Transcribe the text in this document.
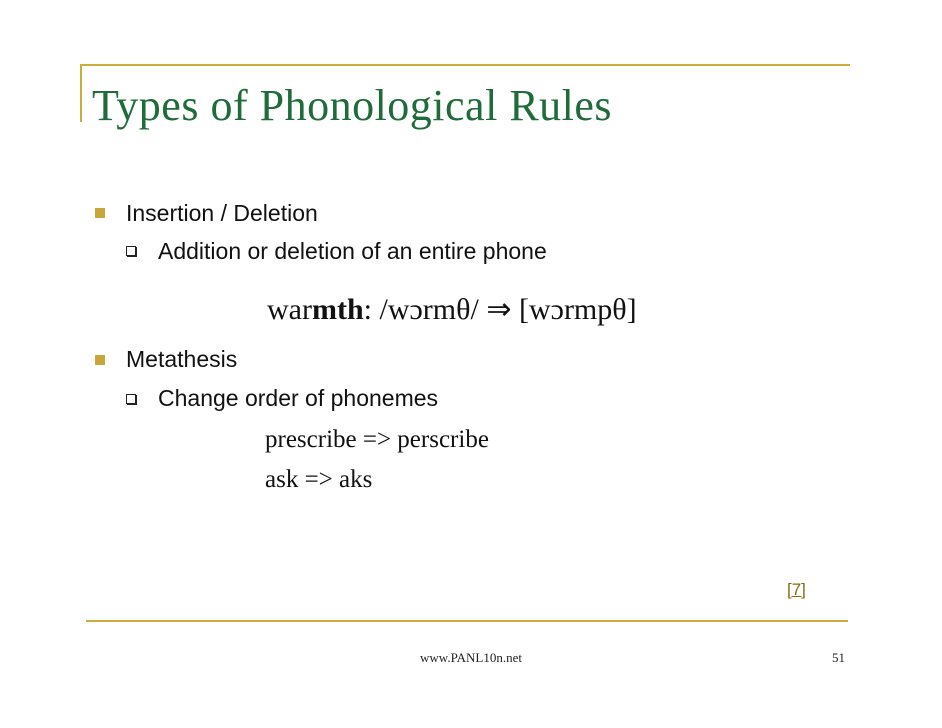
Types of Phonological Rules
Insertion / Deletion
Addition or deletion of an entire phone
warmth: /wɔrmθ/ ⇒ [wɔrmpθ]
Metathesis
Change order of phonemes
prescribe => perscribe
ask => aks
[7]
www.PANL10n.net	51
